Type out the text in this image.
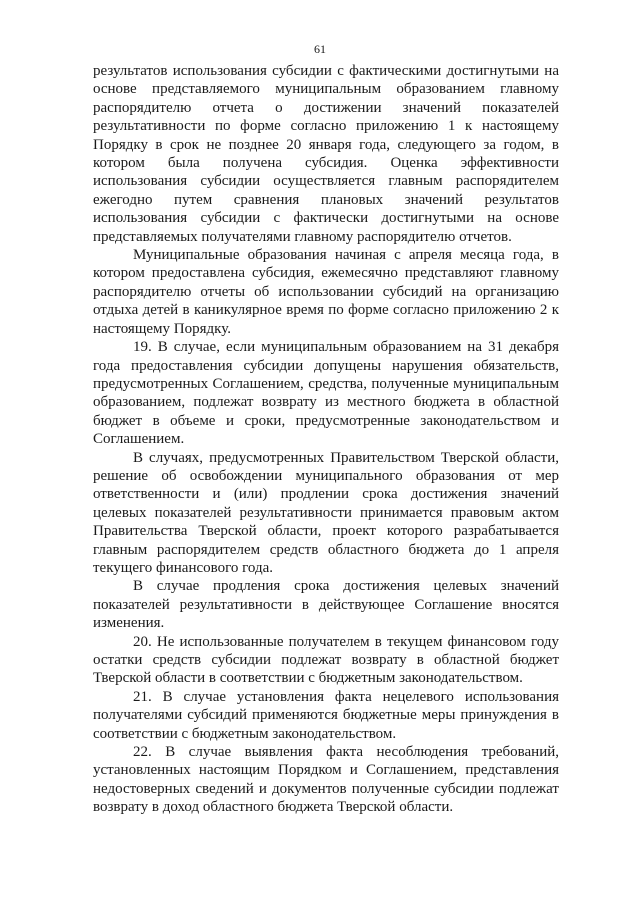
61

результатов использования субсидии с фактическими достигнутыми на основе представляемого муниципальным образованием главному распорядителю отчета о достижении значений показателей результативности по форме согласно приложению 1 к настоящему Порядку в срок не позднее 20 января года, следующего за годом, в котором была получена субсидия. Оценка эффективности использования субсидии осуществляется главным распорядителем ежегодно путем сравнения плановых значений результатов использования субсидии с фактически достигнутыми на основе представляемых получателями главному распорядителю отчетов.

Муниципальные образования начиная с апреля месяца года, в котором предоставлена субсидия, ежемесячно представляют главному распорядителю отчеты об использовании субсидий на организацию отдыха детей в каникулярное время по форме согласно приложению 2 к настоящему Порядку.

19. В случае, если муниципальным образованием на 31 декабря года предоставления субсидии допущены нарушения обязательств, предусмотренных Соглашением, средства, полученные муниципальным образованием, подлежат возврату из местного бюджета в областной бюджет в объеме и сроки, предусмотренные законодательством и Соглашением.

В случаях, предусмотренных Правительством Тверской области, решение об освобождении муниципального образования от мер ответственности и (или) продлении срока достижения значений целевых показателей результативности принимается правовым актом Правительства Тверской области, проект которого разрабатывается главным распорядителем средств областного бюджета до 1 апреля текущего финансового года.

В случае продления срока достижения целевых значений показателей результативности в действующее Соглашение вносятся изменения.

20. Не использованные получателем в текущем финансовом году остатки средств субсидии подлежат возврату в областной бюджет Тверской области в соответствии с бюджетным законодательством.

21. В случае установления факта нецелевого использования получателями субсидий применяются бюджетные меры принуждения в соответствии с бюджетным законодательством.

22. В случае выявления факта несоблюдения требований, установленных настоящим Порядком и Соглашением, представления недостоверных сведений и документов полученные субсидии подлежат возврату в доход областного бюджета Тверской области.
